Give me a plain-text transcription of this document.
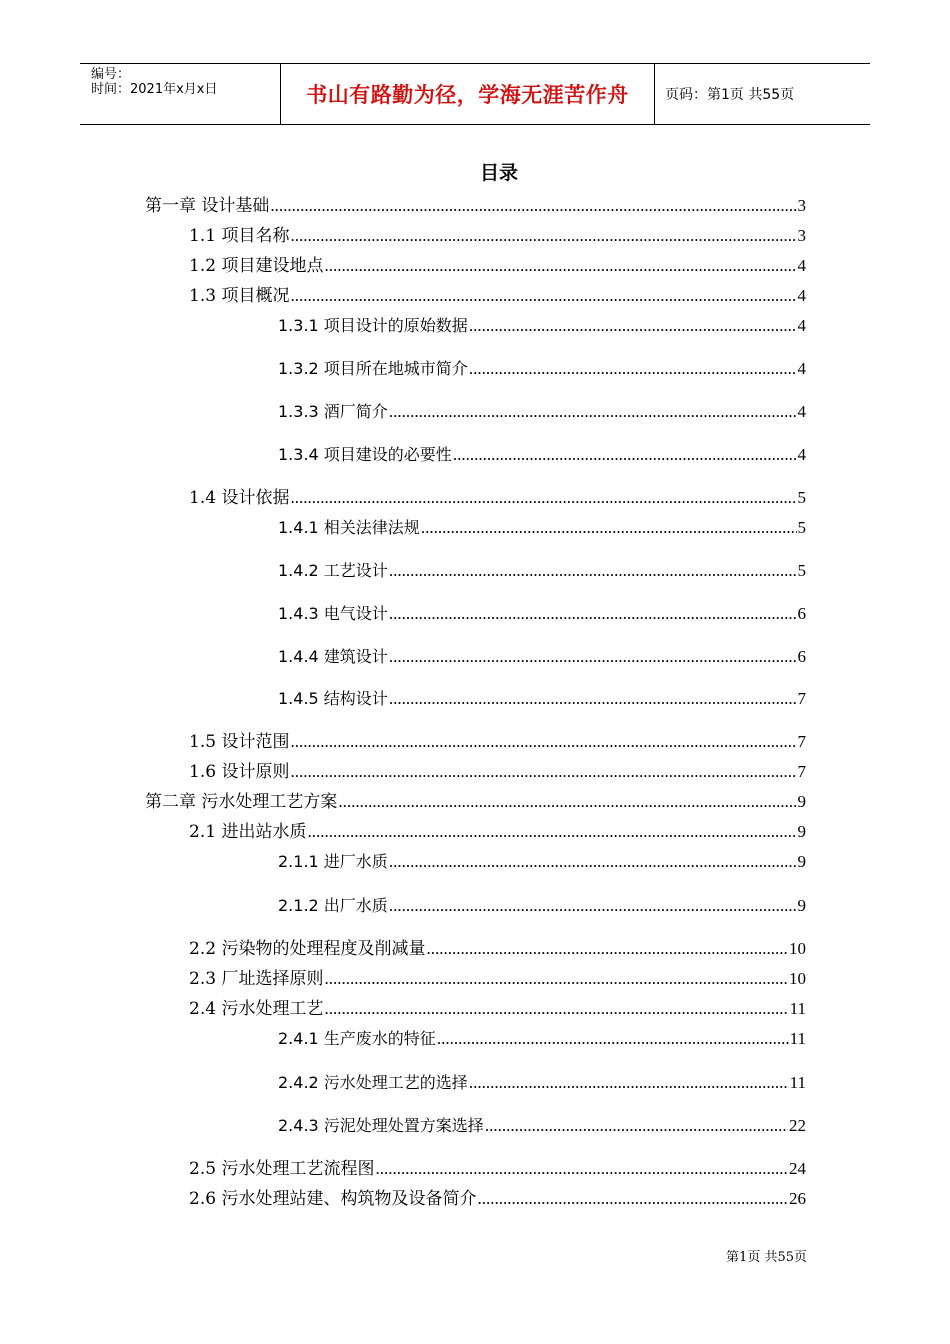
编号：
时间：2021年x月x日	书山有路勤为径，学海无涯苦作舟	页码：第1页 共55页
目录
第一章 设计基础 .....	3
1.1 项目名称 .....	3
1.2 项目建设地点 .....	4
1.3 项目概况 .....	4
1.3.1 项目设计的原始数据 .....	4
1.3.2 项目所在地城市简介 .....	4
1.3.3 酒厂简介 .....	4
1.3.4 项目建设的必要性 .....	4
1.4 设计依据 .....	5
1.4.1 相关法律法规 .....	5
1.4.2 工艺设计 .....	5
1.4.3 电气设计 .....	6
1.4.4 建筑设计 .....	6
1.4.5 结构设计 .....	7
1.5 设计范围 .....	7
1.6 设计原则 .....	7
第二章 污水处理工艺方案 .....	9
2.1 进出站水质 .....	9
2.1.1 进厂水质 .....	9
2.1.2 出厂水质 .....	9
2.2 污染物的处理程度及削减量 .....	10
2.3 厂址选择原则 .....	10
2.4 污水处理工艺 .....	11
2.4.1 生产废水的特征 .....	11
2.4.2 污水处理工艺的选择 .....	11
2.4.3 污泥处理处置方案选择 .....	22
2.5 污水处理工艺流程图 .....	24
2.6 污水处理站建、构筑物及设备简介 .....	26
第1页 共55页
